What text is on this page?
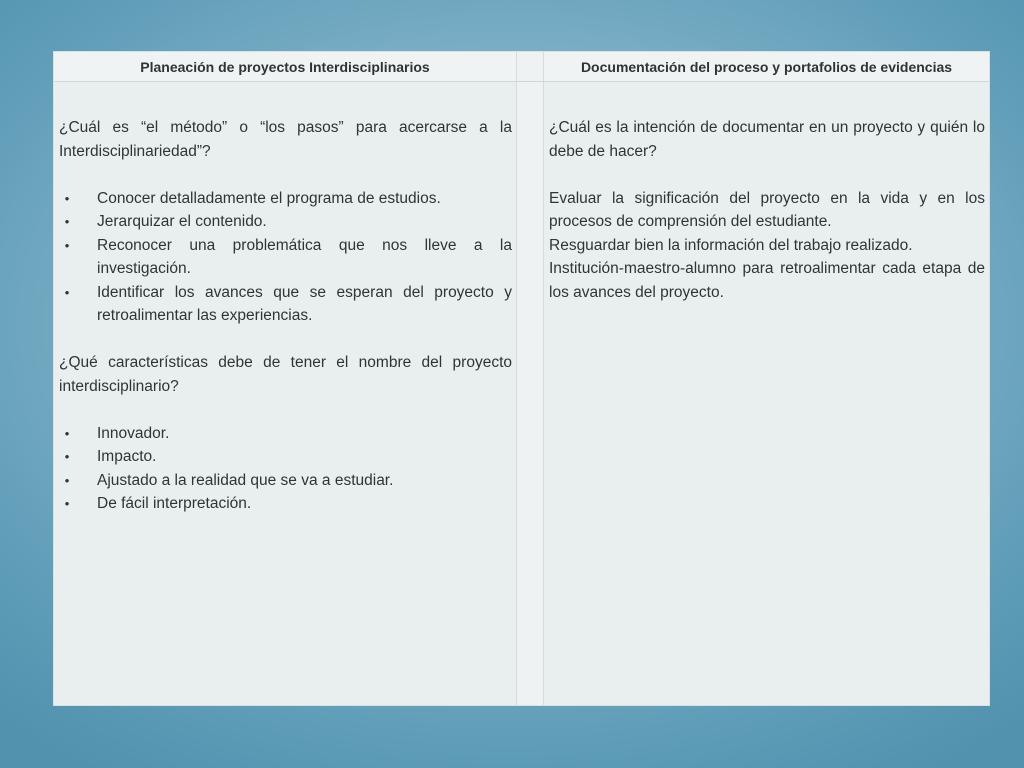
Planeación de proyectos Interdisciplinarios	Documentación del proceso y portafolios de evidencias

¿Cuál es “el método” o “los pasos” para acercarse a la Interdisciplinariedad”?

• Conocer detalladamente el programa de estudios.
• Jerarquizar el contenido.
• Reconocer una problemática que nos lleve a la investigación.
• Identificar los avances que se esperan del proyecto y retroalimentar las experiencias.

¿Qué características debe de tener el nombre del proyecto interdisciplinario?

• Innovador.
• Impacto.
• Ajustado a la realidad que se va a estudiar.
• De fácil interpretación.

¿Cuál es la intención de documentar en un proyecto y quién lo debe de hacer?

Evaluar la significación del proyecto en la vida y en los procesos de comprensión del estudiante.

Resguardar bien la información del trabajo realizado.

Institución-maestro-alumno para retroalimentar cada etapa de los avances del proyecto.
